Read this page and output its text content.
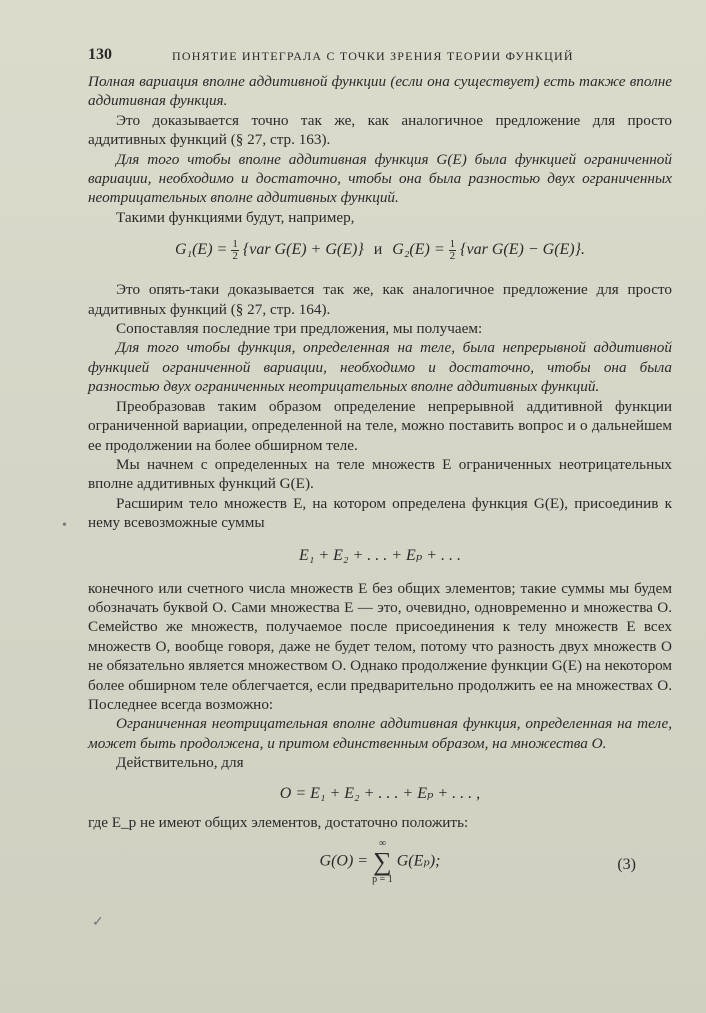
130	ПОНЯТИЕ ИНТЕГРАЛА С ТОЧКИ ЗРЕНИЯ ТЕОРИИ ФУНКЦИЙ

Полная вариация вполне аддитивной функции (если она существует) есть также вполне аддитивная функция.

Это доказывается точно так же, как аналогичное предложение для просто аддитивных функций (§ 27, стр. 163).

Для того чтобы вполне аддитивная функция G(E) была функцией ограниченной вариации, необходимо и достаточно, чтобы она была разностью двух ограниченных неотрицательных вполне аддитивных функций.

Такими функциями будут, например,

$G_1(E) = \frac{1}{2} \{var$ G(E) + G(E)} и $G_2(E) = \frac{1}{2} \{var$ G(E) − G(E)}.

Это опять-таки доказывается так же, как аналогичное предложение для просто аддитивных функций (§ 27, стр. 164).

Сопоставляя последние три предложения, мы получаем:

Для того чтобы функция, определенная на теле, была непрерывной аддитивной функцией ограниченной вариации, необходимо и достаточно, чтобы она была разностью двух ограниченных неотрицательных вполне аддитивных функций.

Преобразовав таким образом определение непрерывной аддитивной функции ограниченной вариации, определенной на теле, можно поставить вопрос и о дальнейшем ее продолжении на более обширном теле.

Мы начнем с определенных на теле множеств E ограниченных неотрицательных вполне аддитивных функций G(E).

Расширим тело множеств E, на котором определена функция G(E), присоединив к нему всевозможные суммы

E₁ + E₂ + . . . + Eₚ + . . .

конечного или счетного числа множеств E без общих элементов; такие суммы мы будем обозначать буквой O. Сами множества E — это, очевидно, одновременно и множества O. Семейство же множеств, получаемое после присоединения к телу множеств E всех множеств O, вообще говоря, даже не будет телом, потому что разность двух множеств O не обязательно является множеством O. Однако продолжение функции G(E) на некотором более обширном теле облегчается, если предварительно продолжить ее на множествах O. Последнее всегда возможно:

Ограниченная неотрицательная вполне аддитивная функция, определенная на теле, может быть продолжена, и притом единственным образом, на множества O.

Действительно, для

O = E₁ + E₂ + . . . + Eₚ + . . . ,

где E_p не имеют общих элементов, достаточно положить:

G(O) =
∞
∑
p = 1
G(Eₚ);	(3)
•
✓
